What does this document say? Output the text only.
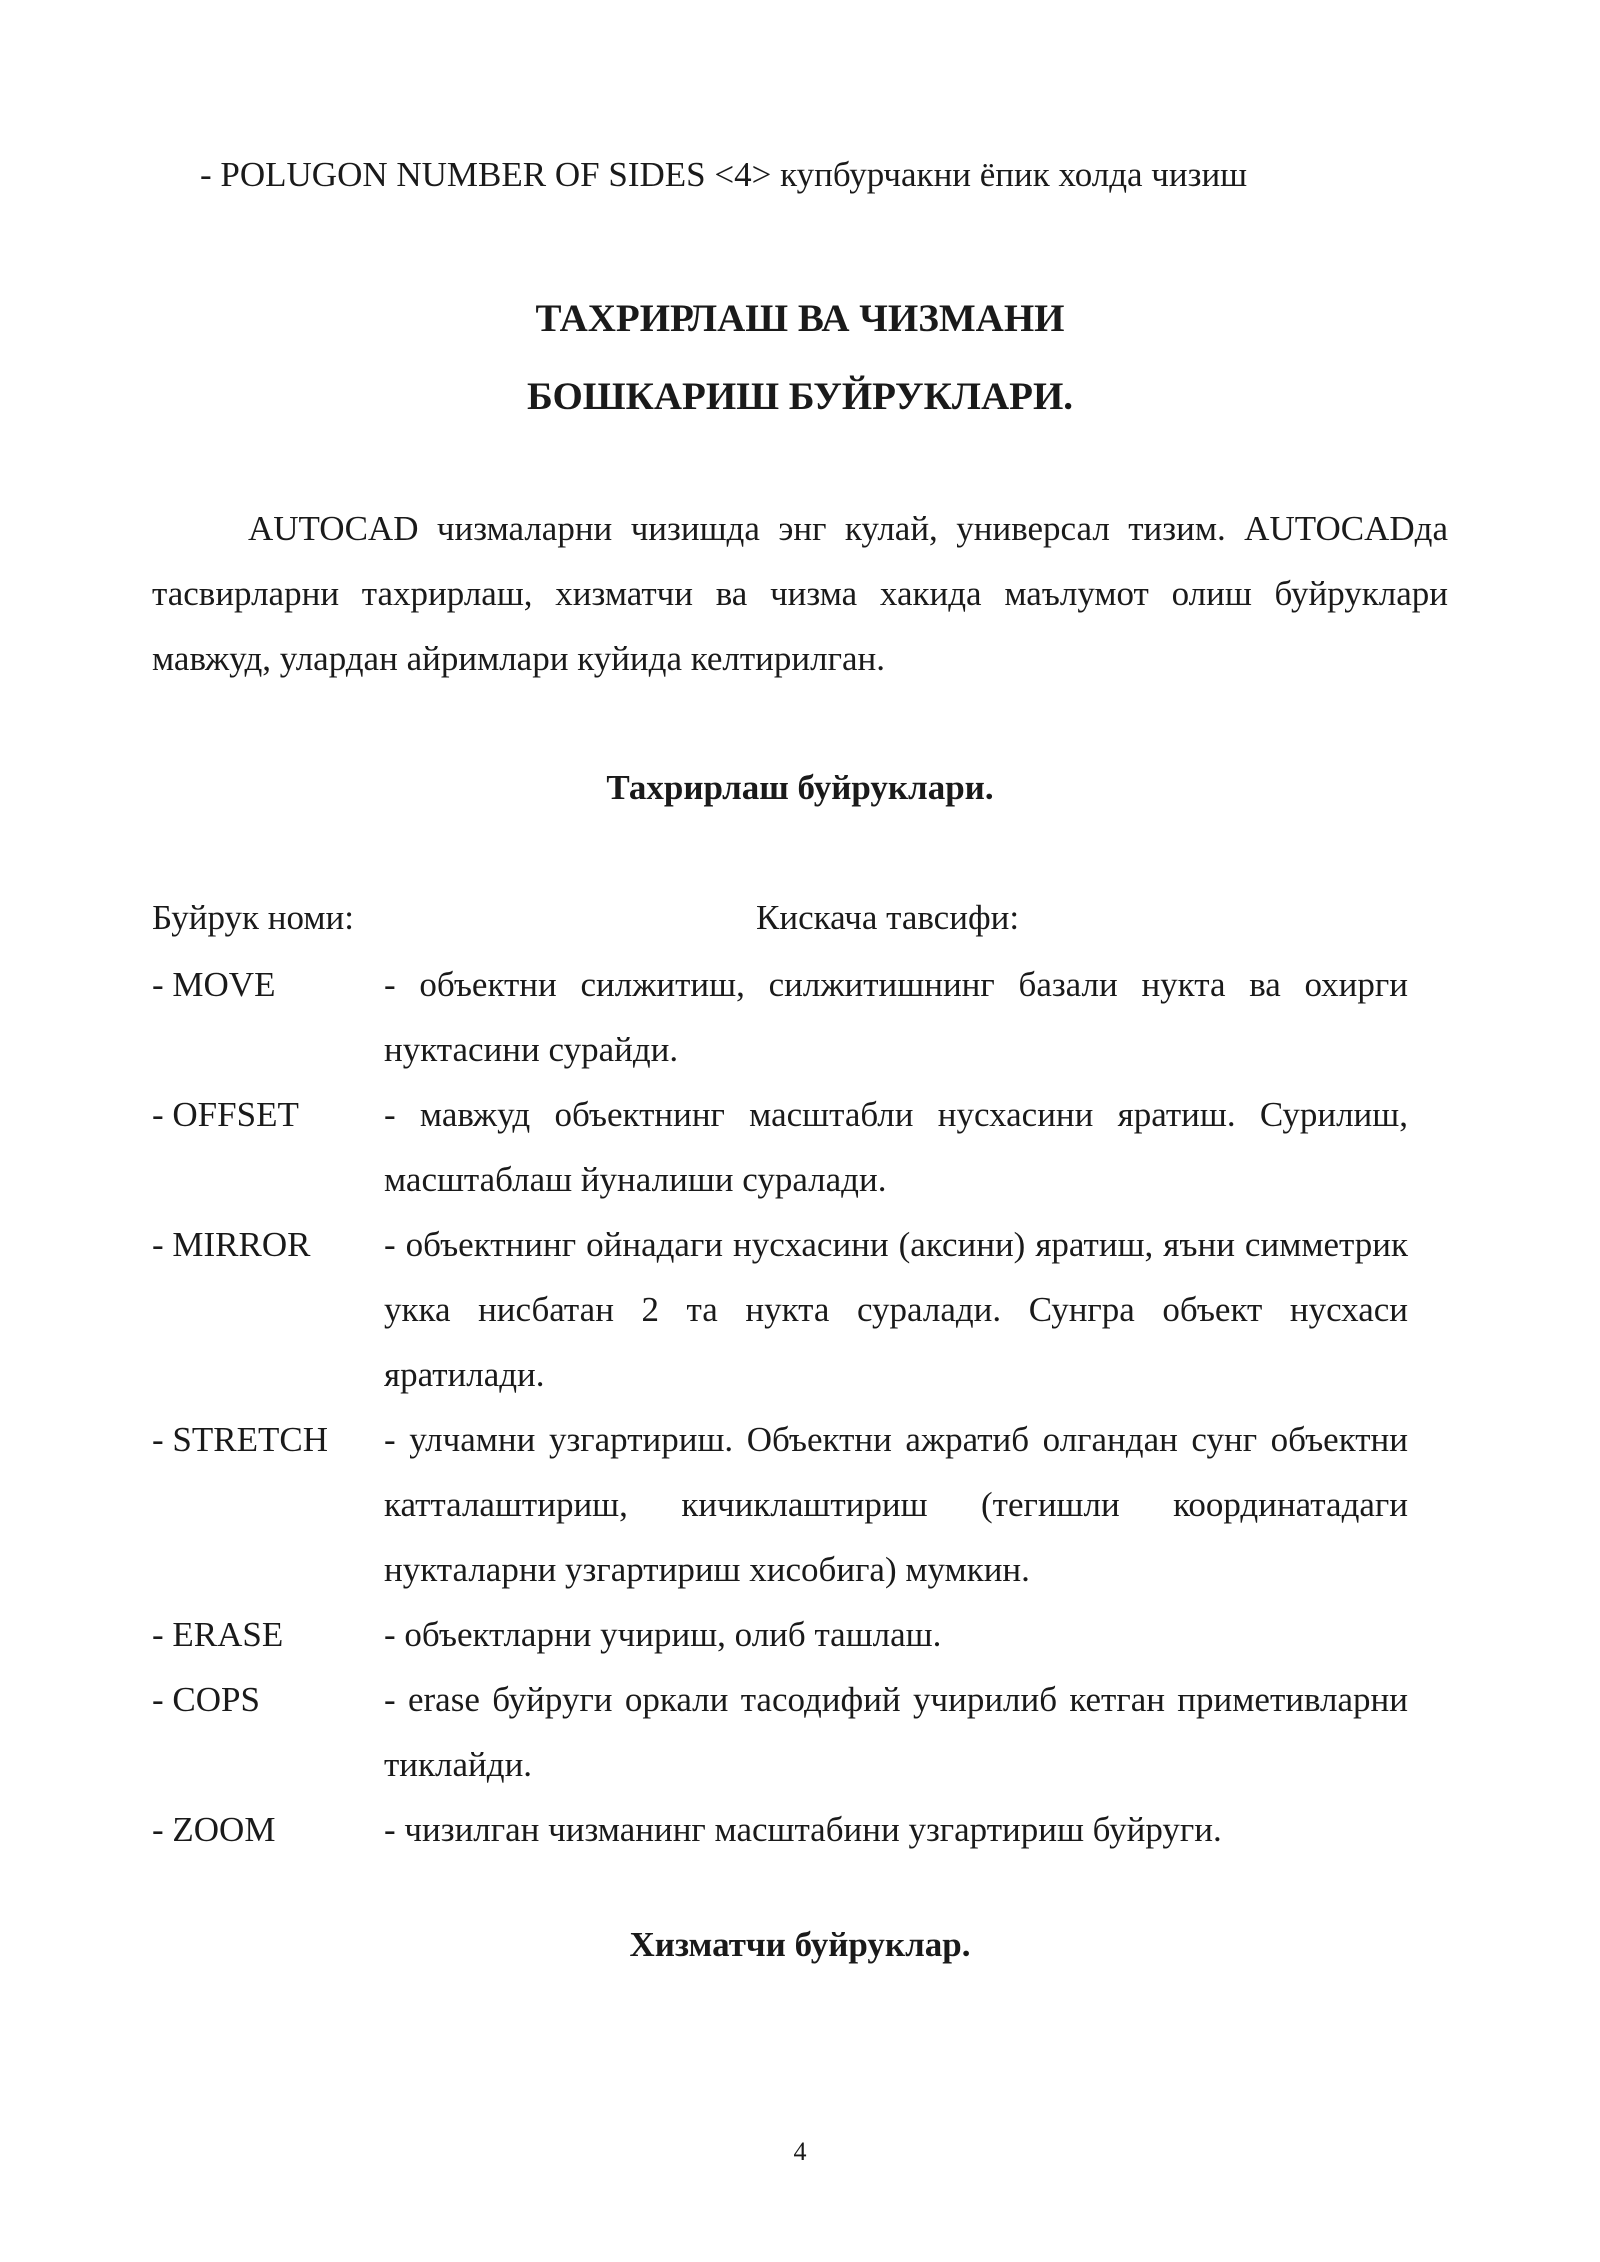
- POLUGON NUMBER OF SIDES <4> купбурчакни ёпик холда чизиш
ТАХРИРЛАШ ВА ЧИЗМАНИ
БОШКАРИШ БУЙРУКЛАРИ.

AUTOCAD чизмаларни чизишда энг кулай, универсал тизим. AUTOCADда тасвирларни тахрирлаш, хизматчи ва чизма хакида маълумот олиш буйруклари мавжуд, улардан айримлари куйида келтирилган.

Тахрирлаш буйруклари.
Буйрук номи:	Кискача тавсифи:
- MOVE	- объектни силжитиш, силжитишнинг базали нукта ва охирги нуктасини сурайди.
- OFFSET	- мавжуд объектнинг масштабли нусхасини яратиш. Сурилиш, масштаблаш йуналиши суралади.
- MIRROR	- объектнинг ойнадаги нусхасини (аксини) яратиш, яъни симметрик укка нисбатан 2 та нукта суралади. Сунгра объект нусхаси яратилади.
- STRETCH	- улчамни узгартириш. Объектни ажратиб олгандан сунг объектни катталаштириш, кичиклаштириш (тегишли координатадаги нукталарни узгартириш хисобига) мумкин.
- ERASE	- объектларни учириш, олиб ташлаш.
- COPS	- erase буйруги оркали тасодифий учирилиб кетган приметивларни тиклайди.
- ZOOM	- чизилган чизманинг масштабини узгартириш буйруги.
Хизматчи буйруклар.
4
